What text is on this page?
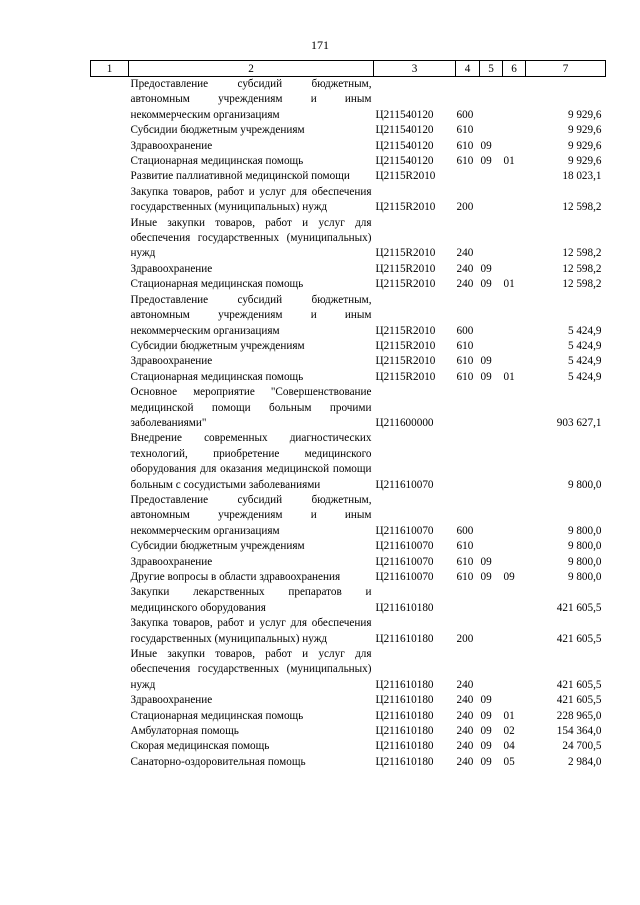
171
1	2	3	4	5	6	7
	Предоставление субсидий бюджетным, автономным учреждениям и иным некоммерческим организациям	Ц211540120	600			9 929,6
	Субсидии бюджетным учреждениям	Ц211540120	610			9 929,6
	Здравоохранение	Ц211540120	610	09		9 929,6
	Стационарная медицинская помощь	Ц211540120	610	09	01	9 929,6
	Развитие паллиативной медицинской помощи	Ц2115R2010				18 023,1
	Закупка товаров, работ и услуг для обеспечения государственных (муниципальных) нужд	Ц2115R2010	200			12 598,2
	Иные закупки товаров, работ и услуг для обеспечения государственных (муниципальных) нужд	Ц2115R2010	240			12 598,2
	Здравоохранение	Ц2115R2010	240	09		12 598,2
	Стационарная медицинская помощь	Ц2115R2010	240	09	01	12 598,2
	Предоставление субсидий бюджетным, автономным учреждениям и иным некоммерческим организациям	Ц2115R2010	600			5 424,9
	Субсидии бюджетным учреждениям	Ц2115R2010	610			5 424,9
	Здравоохранение	Ц2115R2010	610	09		5 424,9
	Стационарная медицинская помощь	Ц2115R2010	610	09	01	5 424,9
	Основное мероприятие "Совершенствование медицинской помощи больным прочими заболеваниями"	Ц211600000				903 627,1
	Внедрение современных диагностических технологий, приобретение медицинского оборудования для оказания медицинской помощи больным с сосудистыми заболеваниями	Ц211610070				9 800,0
	Предоставление субсидий бюджетным, автономным учреждениям и иным некоммерческим организациям	Ц211610070	600			9 800,0
	Субсидии бюджетным учреждениям	Ц211610070	610			9 800,0
	Здравоохранение	Ц211610070	610	09		9 800,0
	Другие вопросы в области здравоохранения	Ц211610070	610	09	09	9 800,0
	Закупки лекарственных препаратов и медицинского оборудования	Ц211610180				421 605,5
	Закупка товаров, работ и услуг для обеспечения государственных (муниципальных) нужд	Ц211610180	200			421 605,5
	Иные закупки товаров, работ и услуг для обеспечения государственных (муниципальных) нужд	Ц211610180	240			421 605,5
	Здравоохранение	Ц211610180	240	09		421 605,5
	Стационарная медицинская помощь	Ц211610180	240	09	01	228 965,0
	Амбулаторная помощь	Ц211610180	240	09	02	154 364,0
	Скорая медицинская помощь	Ц211610180	240	09	04	24 700,5
	Санаторно-оздоровительная помощь	Ц211610180	240	09	05	2 984,0
